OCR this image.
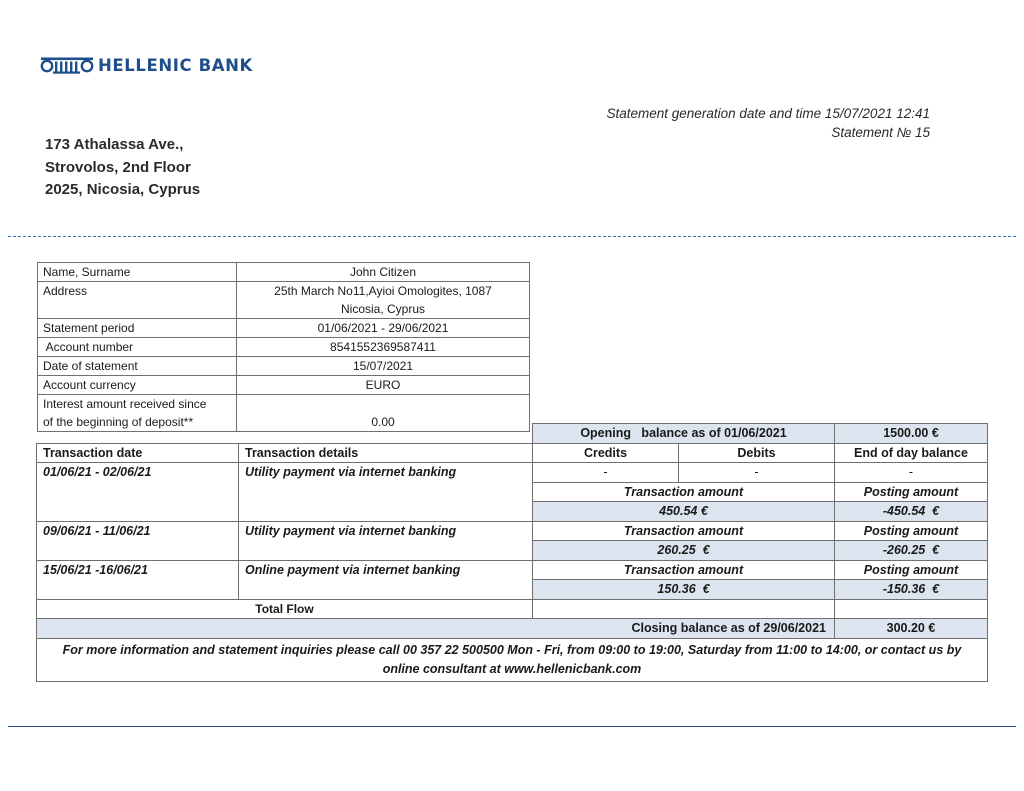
HELLENIC BANK
Statement generation date and time 15/07/2021 12:41
Statement № 15
173 Athalassa Ave.,
Strovolos, 2nd Floor
2025, Nicosia, Cyprus
Name, Surname	John Citizen
Address	25th March No11,Ayioi Omologites, 1087
Nicosia, Cyprus

Statement period	01/06/2021 - 29/06/2021
Account number	8541552369587411
Date of statement	15/07/2021
Account currency	EURO

Interest amount received since
of the beginning of deposit**	0.00
		Opening   balance as of 01/06/2021		1500.00 €
Transaction date	Transaction details	Credits	Debits	End of day balance
01/06/21 - 02/06/21	Utility payment via internet banking	-	-	-
		Transaction amount		Posting amount
		450.54 €		-450.54  €
09/06/21 - 11/06/21	Utility payment via internet banking	Transaction amount		Posting amount
		260.25  €		-260.25  €
15/06/21 -16/06/21	Online payment via internet banking	Transaction amount		Posting amount
		150.36  €		-150.36  €
Total Flow				
Closing balance as of 29/06/2021				300.20 €
For more information and statement inquiries please call 00 357 22 500500 Mon - Fri, from 09:00 to 19:00, Saturday from 11:00 to 14:00, or contact us by online consultant at www.hellenicbank.com				
